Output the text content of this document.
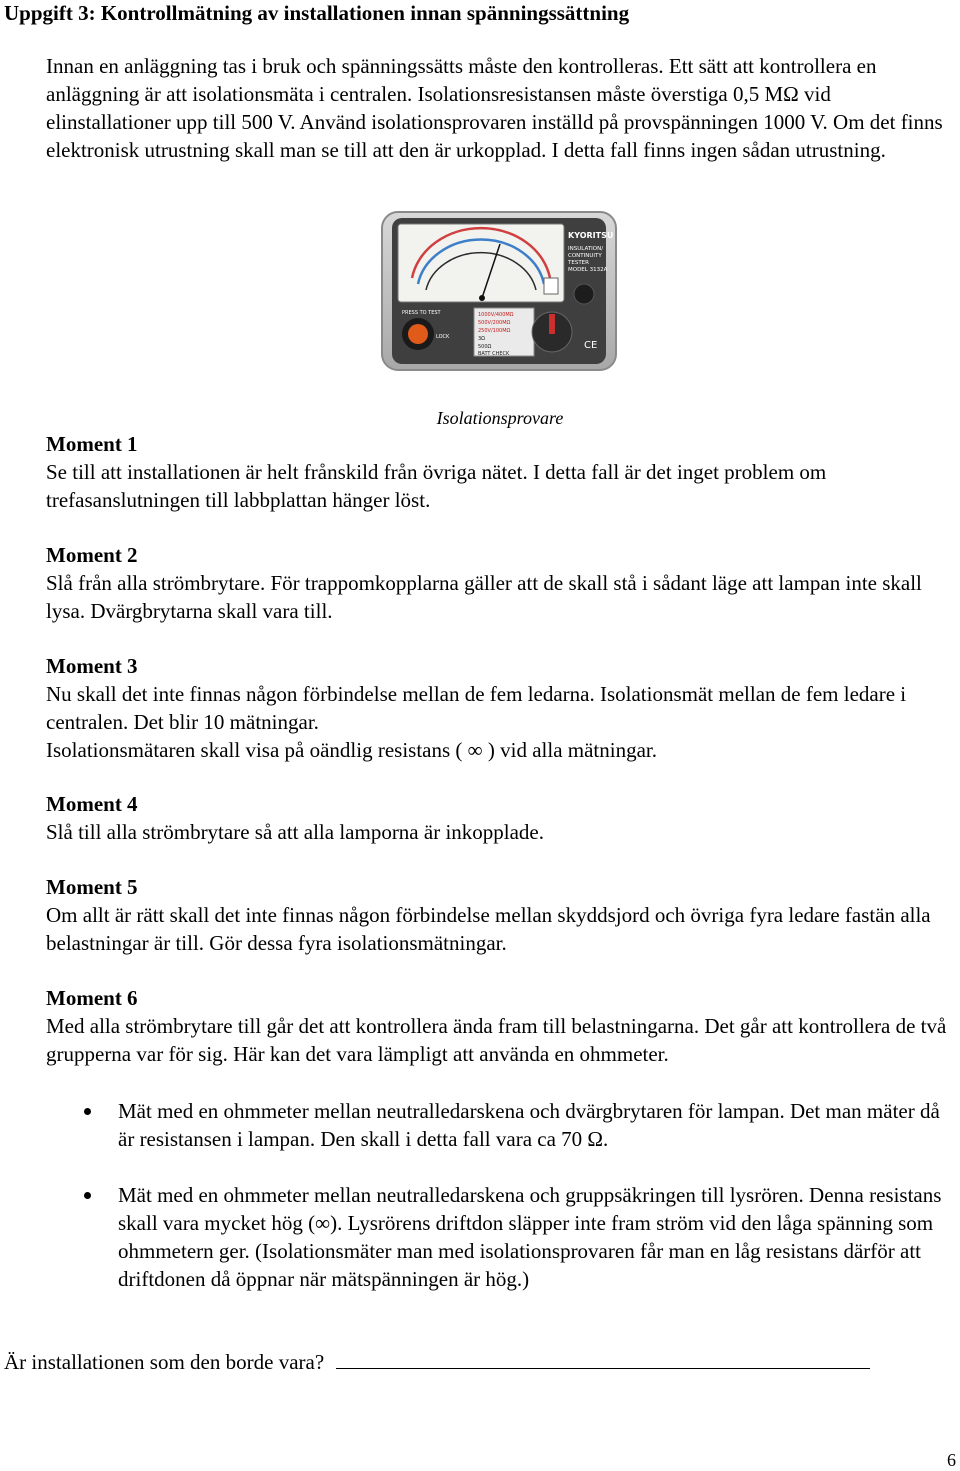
Uppgift 3: Kontrollmätning av installationen innan spänningssättning

Innan en anläggning tas i bruk och spänningssätts måste den kontrolleras. Ett sätt att kontrollera en anläggning är att isolationsmäta i centralen. Isolationsresistansen måste överstiga 0,5 MΩ vid elinstallationer upp till 500 V. Använd isolationsprovaren inställd på provspänningen 1000 V. Om det finns elektronisk utrustning skall man se till att den är urkopplad. I detta fall finns ingen sådan utrustning.

KYORITSU
INSULATION/
CONTINUITY
TESTER
MODEL 3132A
PRESS TO TEST
LOCK
1000V/400MΩ
500V/200MΩ
250V/100MΩ
3Ω
500Ω
BATT CHECK
CE
Isolationsprovare
Moment 1

Se till att installationen är helt frånskild från övriga nätet. I detta fall är det inget problem om trefasanslutningen till labbplattan hänger löst.

Moment 2

Slå från alla strömbrytare. För trappomkopplarna gäller att de skall stå i sådant läge att lampan inte skall lysa. Dvärgbrytarna skall vara till.

Moment 3

Nu skall det inte finnas någon förbindelse mellan de fem ledarna. Isolationsmät mellan de fem ledare i centralen. Det blir 10 mätningar.

Isolationsmätaren skall visa på oändlig resistans ( ∞ ) vid alla mätningar.

Moment 4

Slå till alla strömbrytare så att alla lamporna är inkopplade.

Moment 5

Om allt är rätt skall det inte finnas någon förbindelse mellan skyddsjord och övriga fyra ledare fastän alla belastningar är till. Gör dessa fyra isolationsmätningar.

Moment 6

Med alla strömbrytare till går det att kontrollera ända fram till belastningarna. Det går att kontrollera de två grupperna var för sig. Här kan det vara lämpligt att använda en ohmmeter.

Mät med en ohmmeter mellan neutralledarskena och dvärgbrytaren för lampan. Det man mäter då är resistansen i lampan. Den skall i detta fall vara ca 70 Ω.
Mät med en ohmmeter mellan neutralledarskena och gruppsäkringen till lysrören. Denna resistans skall vara mycket hög (∞). Lysrörens driftdon släpper inte fram ström vid den låga spänning som ohmmetern ger. (Isolationsmäter man med isolationsprovaren får man en låg resistans därför att driftdonen då öppnar när mätspänningen är hög.)
Är installationen som den borde vara?
6
